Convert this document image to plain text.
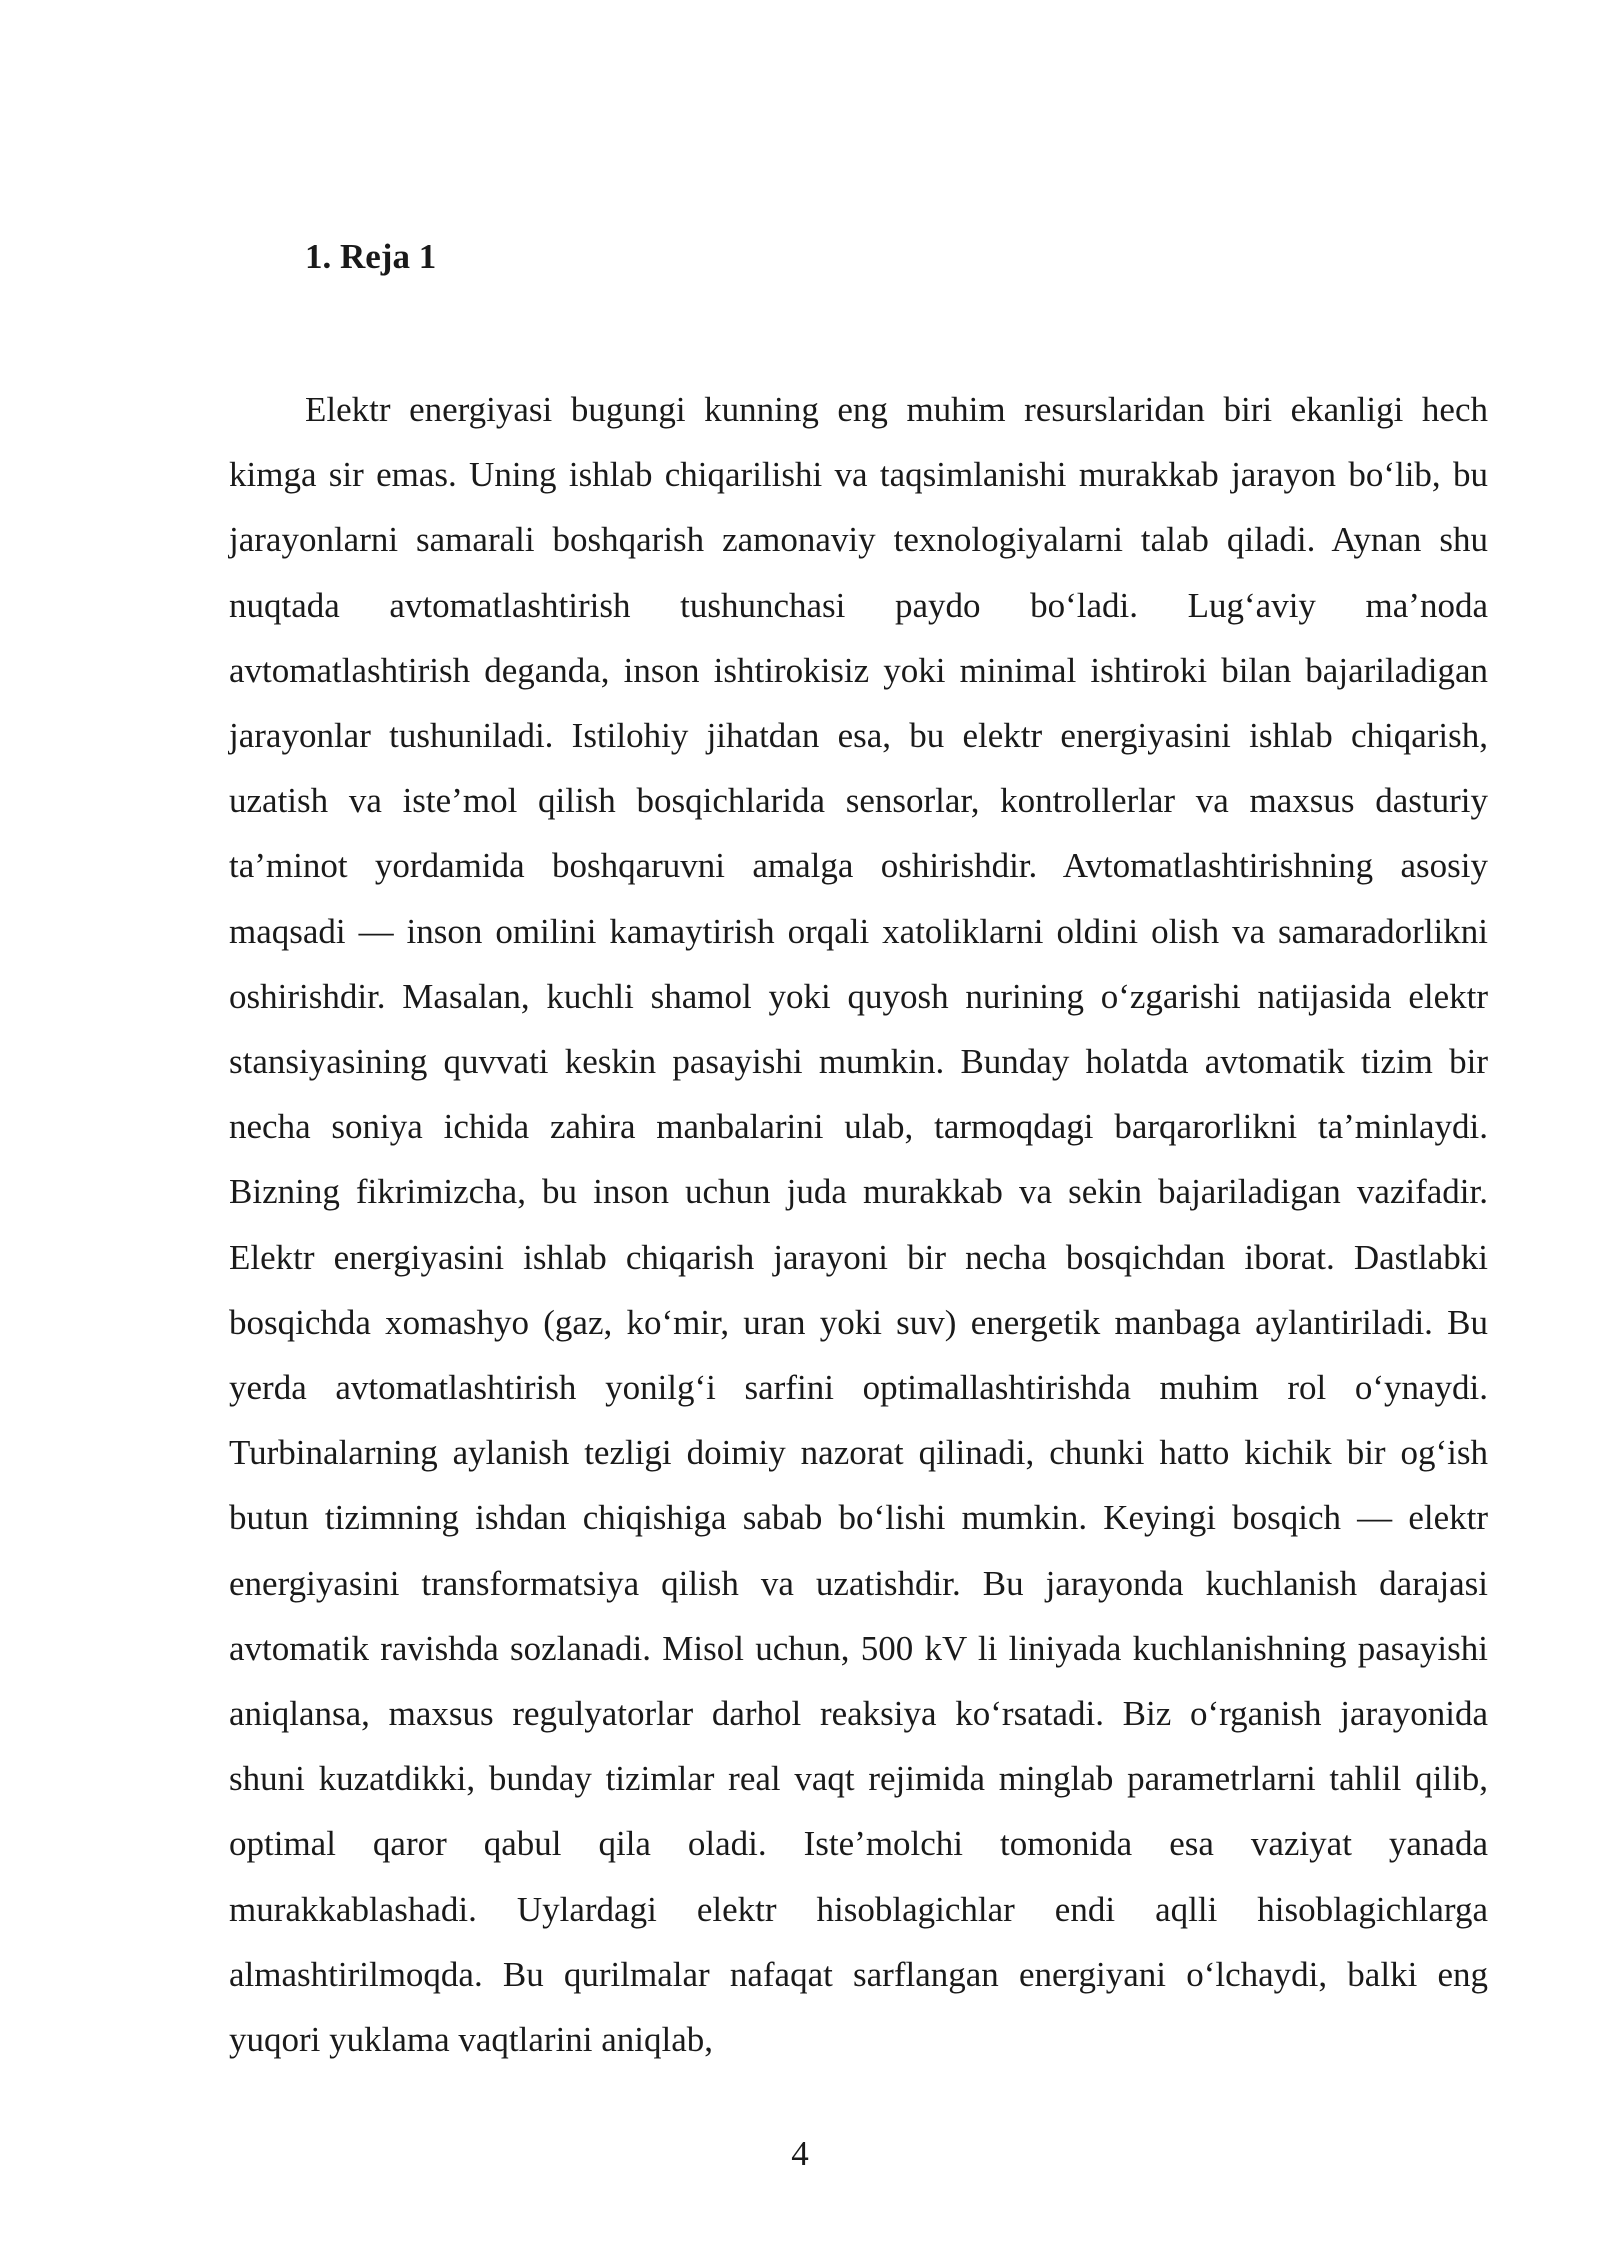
1. Reja 1

Elektr energiyasi bugungi kunning eng muhim resurslaridan biri ekanligi hech kimga sir emas. Uning ishlab chiqarilishi va taqsimlanishi murakkab jarayon bo‘lib, bu jarayonlarni samarali boshqarish zamonaviy texnologiyalarni talab qiladi. Aynan shu nuqtada avtomatlashtirish tushunchasi paydo bo‘ladi. Lug‘aviy ma’noda avtomatlashtirish deganda, inson ishtirokisiz yoki minimal ishtiroki bilan bajariladigan jarayonlar tushuniladi. Istilohiy jihatdan esa, bu elektr energiyasini ishlab chiqarish, uzatish va iste’mol qilish bosqichlarida sensorlar, kontrollerlar va maxsus dasturiy ta’minot yordamida boshqaruvni amalga oshirishdir. Avtomatlashtirishning asosiy maqsadi — inson omilini kamaytirish orqali xatoliklarni oldini olish va samaradorlikni oshirishdir. Masalan, kuchli shamol yoki quyosh nurining o‘zgarishi natijasida elektr stansiyasining quvvati keskin pasayishi mumkin. Bunday holatda avtomatik tizim bir necha soniya ichida zahira manbalarini ulab, tarmoqdagi barqarorlikni ta’minlaydi. Bizning fikrimizcha, bu inson uchun juda murakkab va sekin bajariladigan vazifadir. Elektr energiyasini ishlab chiqarish jarayoni bir necha bosqichdan iborat. Dastlabki bosqichda xomashyo (gaz, ko‘mir, uran yoki suv) energetik manbaga aylantiriladi. Bu yerda avtomatlashtirish yonilg‘i sarfini optimallashtirishda muhim rol o‘ynaydi. Turbinalarning aylanish tezligi doimiy nazorat qilinadi, chunki hatto kichik bir og‘ish butun tizimning ishdan chiqishiga sabab bo‘lishi mumkin. Keyingi bosqich — elektr energiyasini transformatsiya qilish va uzatishdir. Bu jarayonda kuchlanish darajasi avtomatik ravishda sozlanadi. Misol uchun, 500 kV li liniyada kuchlanishning pasayishi aniqlansa, maxsus regulyatorlar darhol reaksiya ko‘rsatadi. Biz o‘rganish jarayonida shuni kuzatdikki, bunday tizimlar real vaqt rejimida minglab parametrlarni tahlil qilib, optimal qaror qabul qila oladi. Iste’molchi tomonida esa vaziyat yanada murakkablashadi. Uylardagi elektr hisoblagichlar endi aqlli hisoblagichlarga almashtirilmoqda. Bu qurilmalar nafaqat sarflangan energiyani o‘lchaydi, balki eng yuqori yuklama vaqtlarini aniqlab,

4
